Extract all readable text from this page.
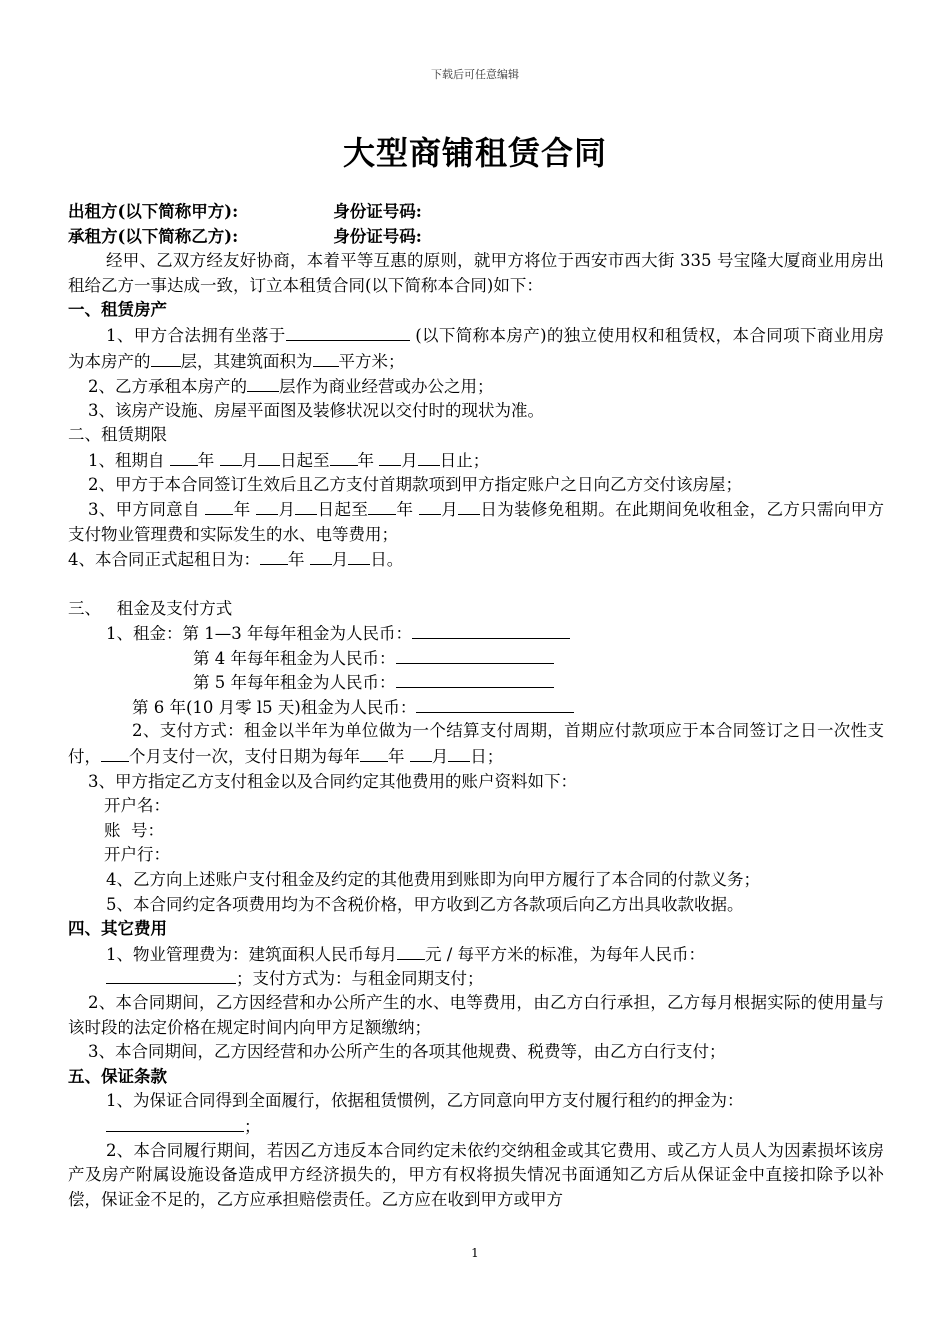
下载后可任意编辑
大型商铺租赁合同
出租方(以下简称甲方):	身份证号码:
承租方(以下简称乙方):	身份证号码:
经甲、乙双方经友好协商，本着平等互惠的原则，就甲方将位于西安市西大街 335 号宝隆大厦商业用房出租给乙方一事达成一致，订立本租赁合同(以下简称本合同)如下：
一、租赁房产
1、甲方合法拥有坐落于	(以下简称本房产)的独立使用权和租赁权，本合同项下商业用房为本房产的 层，其建筑面积为 平方米；
2、乙方承租本房产的 层作为商业经营或办公之用；
3、该房产设施、房屋平面图及装修状况以交付时的现状为准。
二、租赁期限
1、租期自 年 月 日起至 年 月 日止；
2、甲方于本合同签订生效后且乙方支付首期款项到甲方指定账户之日向乙方交付该房屋；
3、甲方同意自 年 月 日起至 年 月 日为装修免租期。在此期间免收租金，乙方只需向甲方支付物业管理费和实际发生的水、电等费用；
4、本合同正式起租日为： 年 月 日。
三、   租金及支付方式
1、租金：第 1—3 年每年租金为人民币：
第 4 年每年租金为人民币：
第 5 年每年租金为人民币：
第 6 年(10 月零 l5 天)租金为人民币：
2、支付方式：租金以半年为单位做为一个结算支付周期，首期应付款项应于本合同签订之日一次性支付， 个月支付一次，支付日期为每年 年 月 日；
3、甲方指定乙方支付租金以及合同约定其他费用的账户资料如下：
开户名：
账  号：
开户行：
4、乙方向上述账户支付租金及约定的其他费用到账即为向甲方履行了本合同的付款义务；
5、本合同约定各项费用均为不含税价格，甲方收到乙方各款项后向乙方出具收款收据。
四、其它费用
1、物业管理费为：建筑面积人民币每月 元 / 每平方米的标准，为每年人民币：
；支付方式为：与租金同期支付；
2、本合同期间，乙方因经营和办公所产生的水、电等费用，由乙方白行承担，乙方每月根据实际的使用量与该时段的法定价格在规定时间内向甲方足额缴纳；
3、本合同期间，乙方因经营和办公所产生的各项其他规费、税费等，由乙方白行支付；
五、保证条款
1、为保证合同得到全面履行，依据租赁惯例，乙方同意向甲方支付履行租约的押金为：
；
2、本合同履行期间，若因乙方违反本合同约定未依约交纳租金或其它费用、或乙方人员人为因素损坏该房产及房产附属设施设备造成甲方经济损失的，甲方有权将损失情况书面通知乙方后从保证金中直接扣除予以补偿，保证金不足的，乙方应承担赔偿责任。乙方应在收到甲方或甲方
1
